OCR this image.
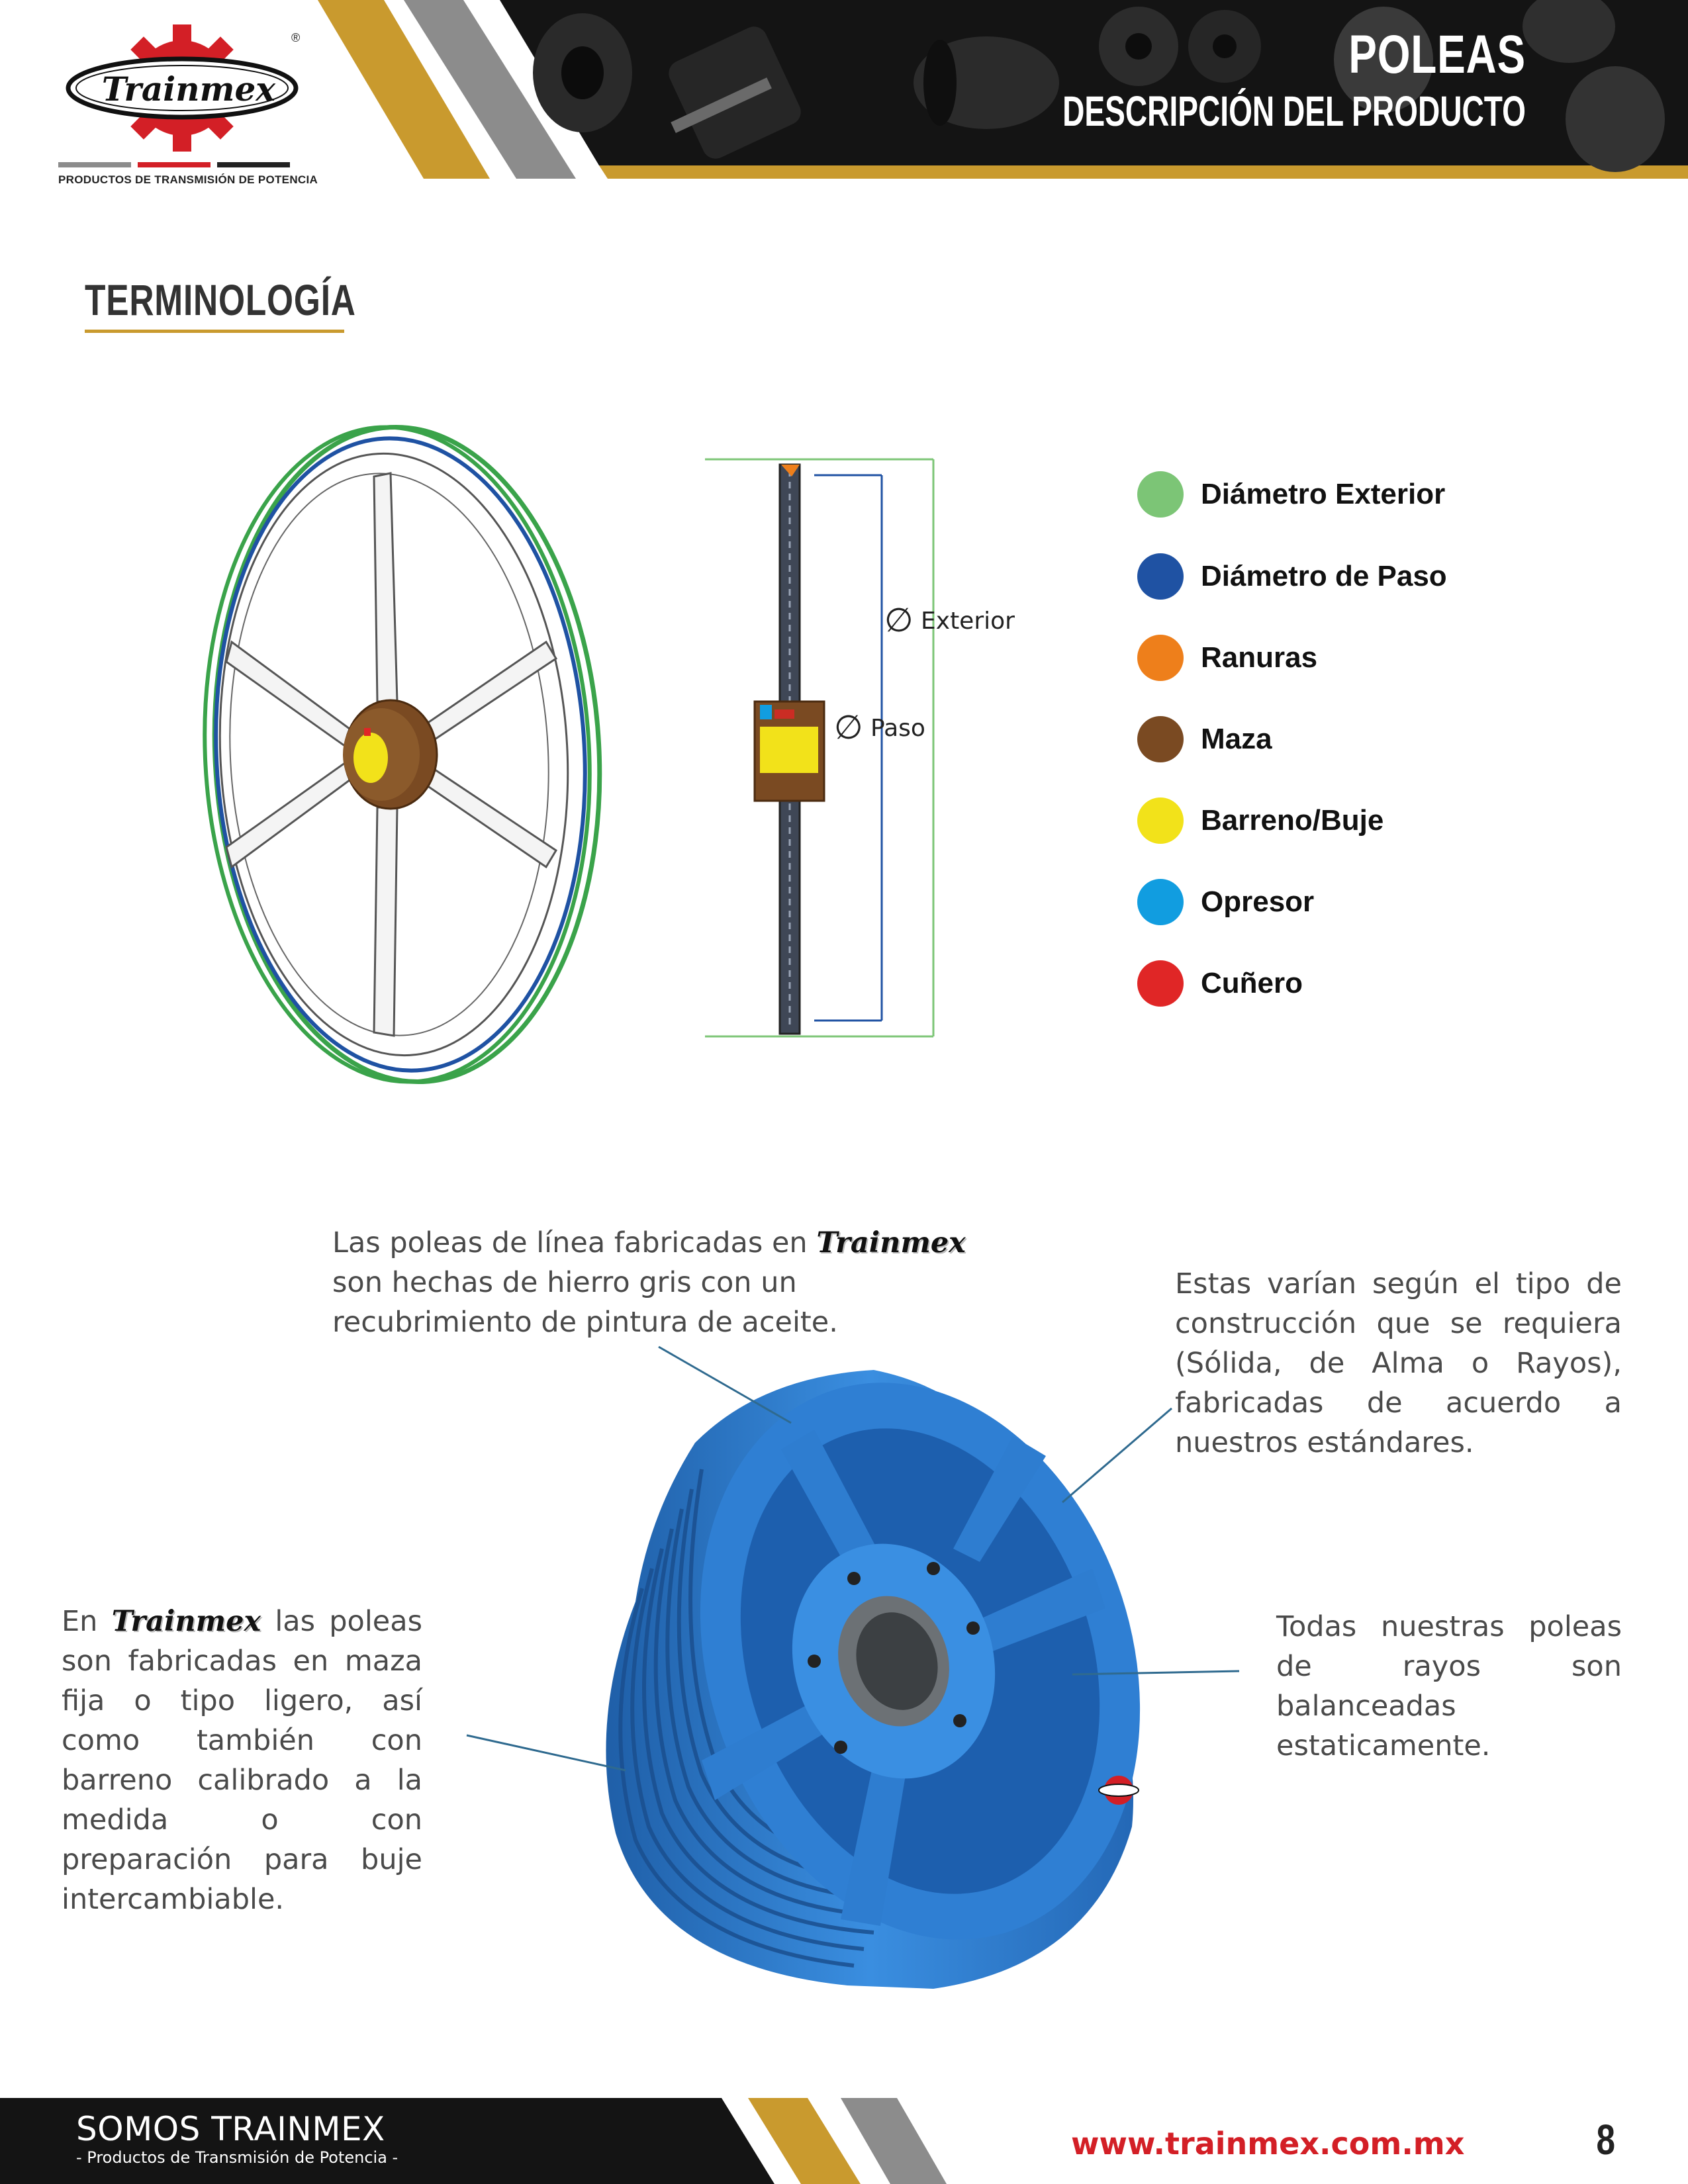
®
Trainmex
PRODUCTOS DE TRANSMISIÓN DE POTENCIA
POLEAS
DESCRIPCIÓN DEL PRODUCTO
TERMINOLOGÍA
∅ Exterior
∅ Paso
Diámetro Exterior
Diámetro de Paso
Ranuras
Maza
Barreno/Buje
Opresor
Cuñero
Las poleas de línea fabricadas en Trainmex son hechas de hierro gris con un recubrimiento de pintura de aceite.
Estas varían según el tipo de construcción que se requiera (Sólida, de Alma o Rayos), fabricadas de acuerdo a nuestros estándares.
En Trainmex las poleas son fabricadas en maza fija o tipo ligero, así como también con barreno calibrado a la medida o con preparación para buje intercambiable.
Todas nuestras poleas de rayos son balanceadas estaticamente.
SOMOS TRAINMEX
- Productos de Transmisión de Potencia -	www.trainmex.com.mx	8
